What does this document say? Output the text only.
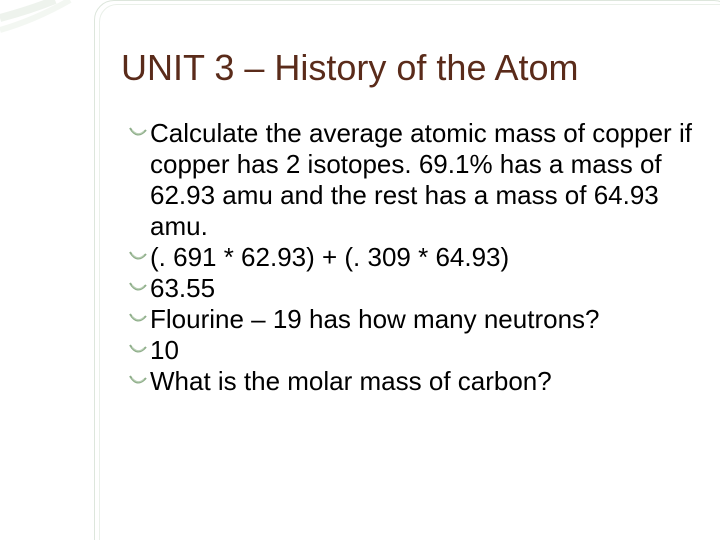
UNIT 3 – History of the Atom
Calculate the average atomic mass of copper if copper has 2 isotopes. 69.1% has a mass of 62.93 amu and the rest has a mass of 64.93 amu.
(. 691 * 62.93) + (. 309 * 64.93)
63.55
Flourine – 19 has how many neutrons?
10
What is the molar mass of carbon?
